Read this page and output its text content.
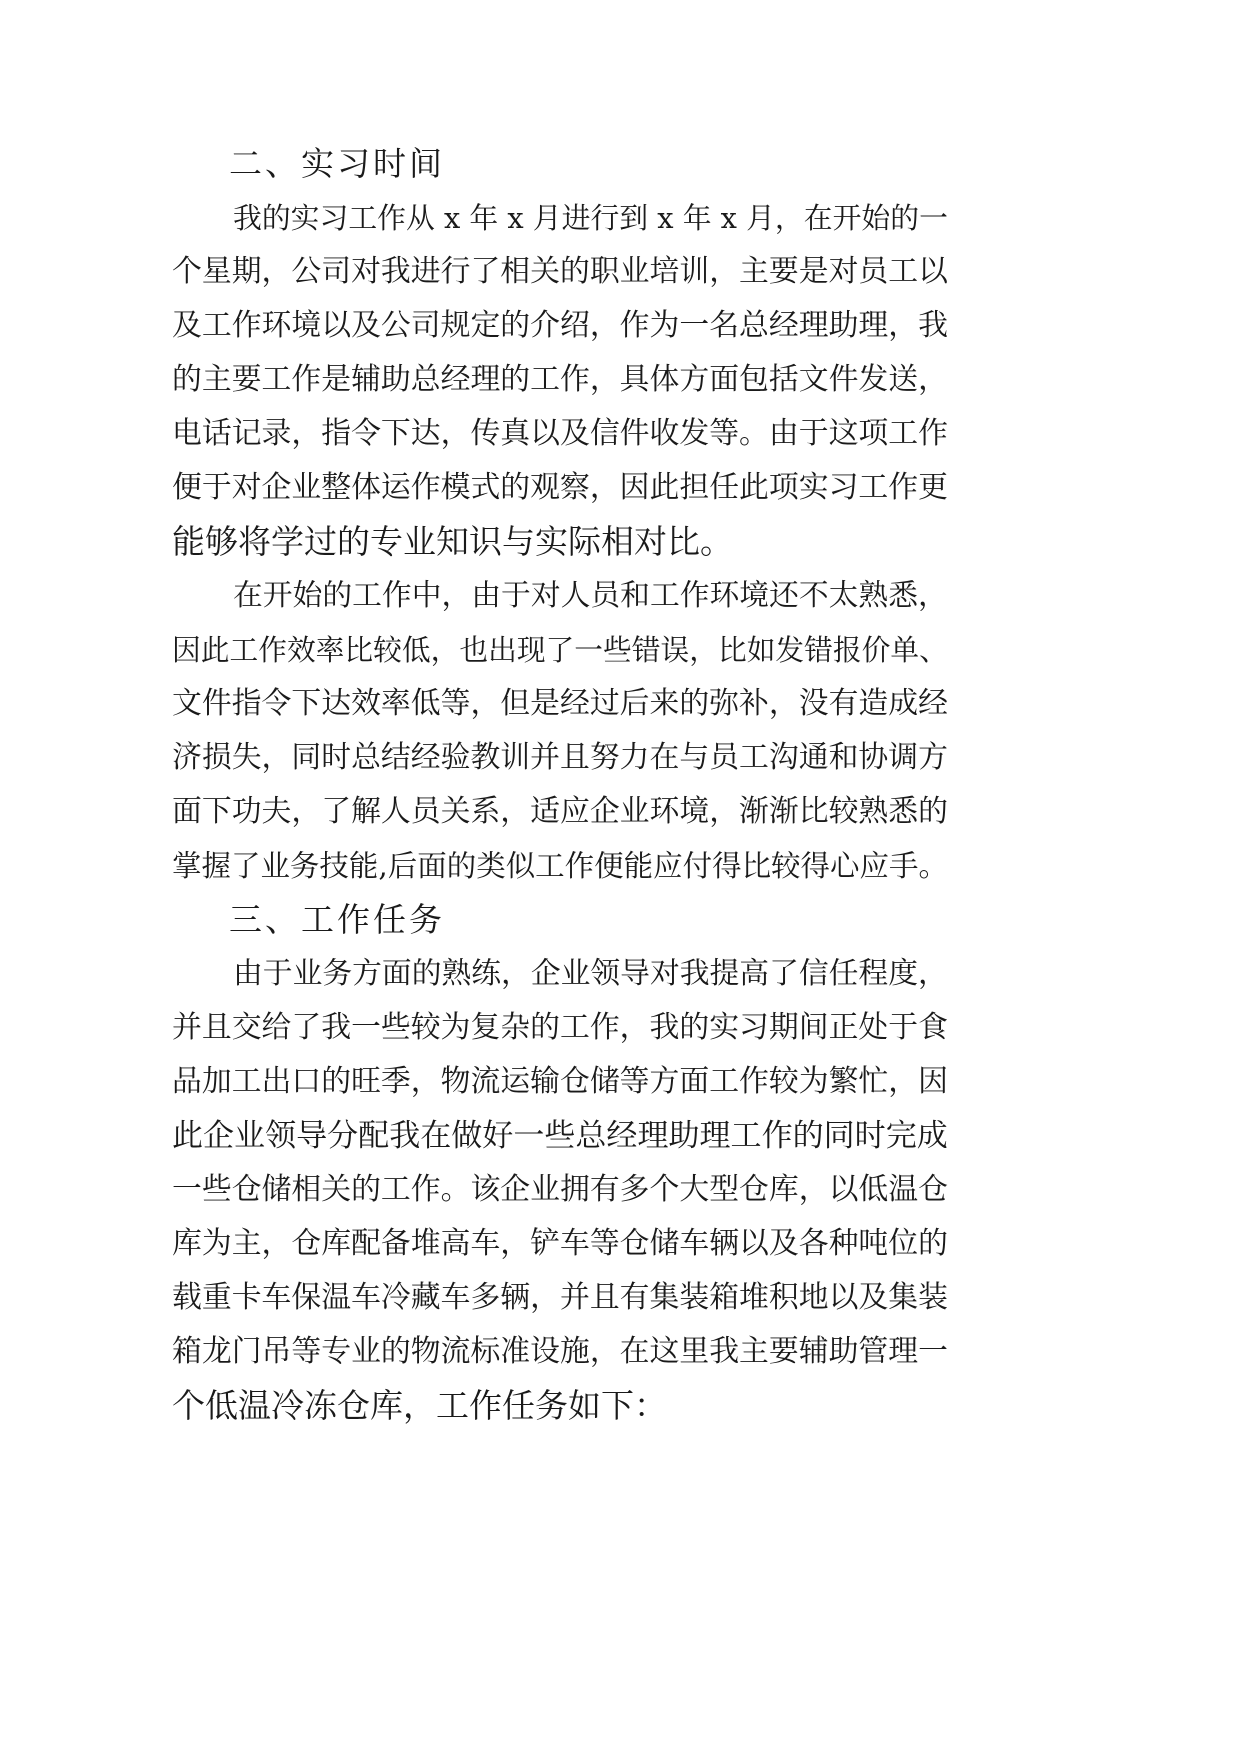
二、实习时间
我的实习工作从 x 年 x 月进行到 x 年 x 月，在开始的一
个星期，公司对我进行了相关的职业培训，主要是对员工以
及工作环境以及公司规定的介绍，作为一名总经理助理，我
的主要工作是辅助总经理的工作，具体方面包括文件发送，
电话记录，指令下达，传真以及信件收发等。由于这项工作
便于对企业整体运作模式的观察，因此担任此项实习工作更
能够将学过的专业知识与实际相对比。
在开始的工作中，由于对人员和工作环境还不太熟悉，
因此工作效率比较低，也出现了一些错误，比如发错报价单、
文件指令下达效率低等，但是经过后来的弥补，没有造成经
济损失，同时总结经验教训并且努力在与员工沟通和协调方
面下功夫，了解人员关系，适应企业环境，渐渐比较熟悉的
掌握了业务技能,后面的类似工作便能应付得比较得心应手。
三、工作任务
由于业务方面的熟练，企业领导对我提高了信任程度，
并且交给了我一些较为复杂的工作，我的实习期间正处于食
品加工出口的旺季，物流运输仓储等方面工作较为繁忙，因
此企业领导分配我在做好一些总经理助理工作的同时完成
一些仓储相关的工作。该企业拥有多个大型仓库，以低温仓
库为主，仓库配备堆高车，铲车等仓储车辆以及各种吨位的
载重卡车保温车冷藏车多辆，并且有集装箱堆积地以及集装
箱龙门吊等专业的物流标准设施，在这里我主要辅助管理一
个低温冷冻仓库，工作任务如下：
